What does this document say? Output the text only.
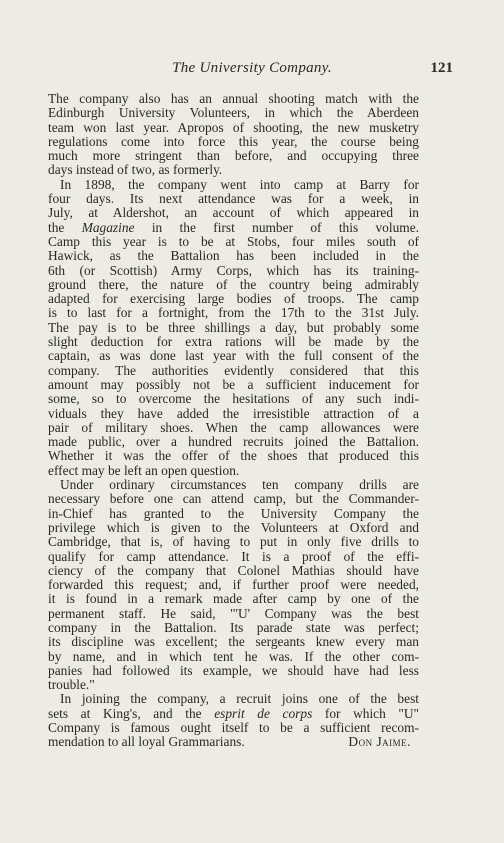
The University Company.	121
The company also has an annual shooting match with the
Edinburgh University Volunteers, in which the Aberdeen
team won last year. Apropos of shooting, the new musketry
regulations come into force this year, the course being
much more stringent than before, and occupying three
days instead of two, as formerly.
In 1898, the company went into camp at Barry for
four days. Its next attendance was for a week, in
July, at Aldershot, an account of which appeared in
the Magazine in the first number of this volume.
Camp this year is to be at Stobs, four miles south of
Hawick, as the Battalion has been included in the
6th (or Scottish) Army Corps, which has its training-
ground there, the nature of the country being admirably
adapted for exercising large bodies of troops. The camp
is to last for a fortnight, from the 17th to the 31st July.
The pay is to be three shillings a day, but probably some
slight deduction for extra rations will be made by the
captain, as was done last year with the full consent of the
company. The authorities evidently considered that this
amount may possibly not be a sufficient inducement for
some, so to overcome the hesitations of any such indi-
viduals they have added the irresistible attraction of a
pair of military shoes. When the camp allowances were
made public, over a hundred recruits joined the Battalion.
Whether it was the offer of the shoes that produced this
effect may be left an open question.
Under ordinary circumstances ten company drills are
necessary before one can attend camp, but the Commander-
in-Chief has granted to the University Company the
privilege which is given to the Volunteers at Oxford and
Cambridge, that is, of having to put in only five drills to
qualify for camp attendance. It is a proof of the effi-
ciency of the company that Colonel Mathias should have
forwarded this request; and, if further proof were needed,
it is found in a remark made after camp by one of the
permanent staff. He said, "'U' Company was the best
company in the Battalion. Its parade state was perfect;
its discipline was excellent; the sergeants knew every man
by name, and in which tent he was. If the other com-
panies had followed its example, we should have had less
trouble."
In joining the company, a recruit joins one of the best
sets at King's, and the esprit de corps for which "U"
Company is famous ought itself to be a sufficient recom-
mendation to all loyal Grammarians.	Don Jaime.
